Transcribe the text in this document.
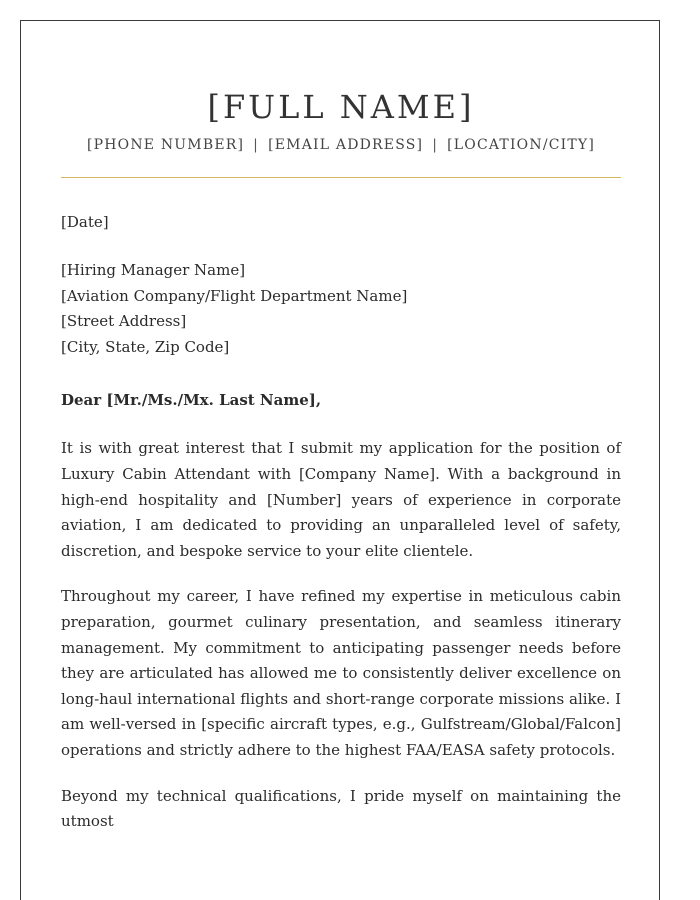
[FULL NAME]
[PHONE NUMBER] | [EMAIL ADDRESS] | [LOCATION/CITY]
[Date]
[Hiring Manager Name]
[Aviation Company/Flight Department Name]
[Street Address]
[City, State, Zip Code]
Dear [Mr./Ms./Mx. Last Name],

It is with great interest that I submit my application for the position of Luxury Cabin Attendant with [Company Name]. With a background in high-end hospitality and [Number] years of experience in corporate aviation, I am dedicated to providing an unparalleled level of safety, discretion, and bespoke service to your elite clientele.

Throughout my career, I have refined my expertise in meticulous cabin preparation, gourmet culinary presentation, and seamless itinerary management. My commitment to anticipating passenger needs before they are articulated has allowed me to consistently deliver excellence on long-haul international flights and short-range corporate missions alike. I am well-versed in [specific aircraft types, e.g., Gulfstream/Global/Falcon] operations and strictly adhere to the highest FAA/EASA safety protocols.

Beyond my technical qualifications, I pride myself on maintaining the utmost
